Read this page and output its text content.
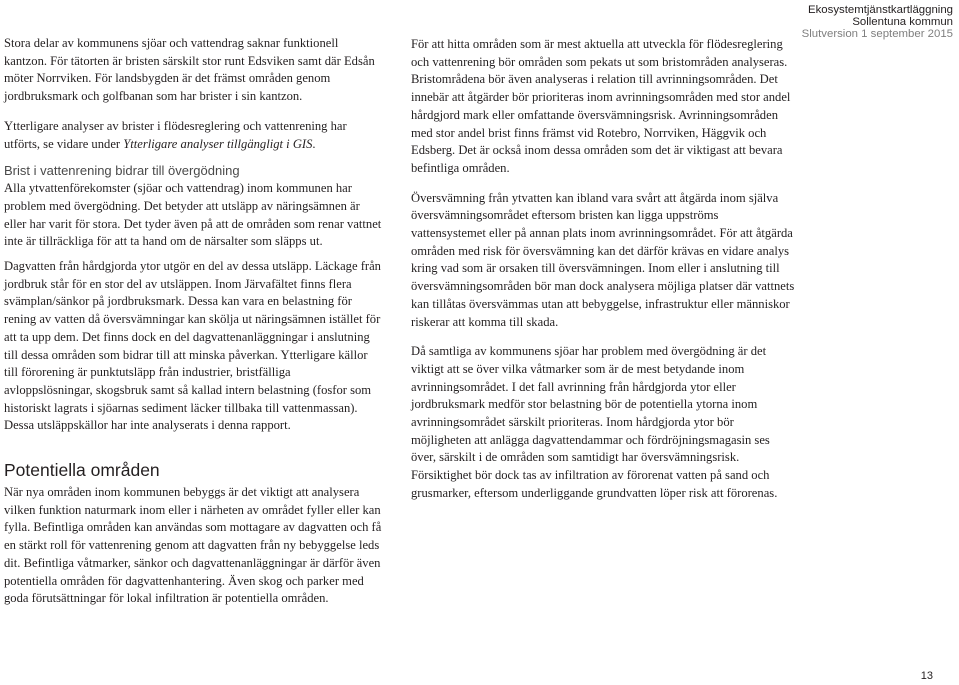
Ekosystemtjänstkartläggning
Sollentuna kommun
Slutversion 1 september 2015

Stora delar av kommunens sjöar och vattendrag saknar funktionell kantzon. För tätorten är bristen särskilt stor runt Edsviken samt där Edsån möter Norrviken. För landsbygden är det främst områden genom jordbruksmark och golfbanan som har brister i sin kantzon.

Ytterligare analyser av brister i flödesreglering och vattenrening har utförts, se vidare under Ytterligare analyser tillgängligt i GIS.

Brist i vattenrening bidrar till övergödning

Alla ytvattenförekomster (sjöar och vattendrag) inom kommunen har problem med övergödning. Det betyder att utsläpp av näringsämnen är eller har varit för stora. Det tyder även på att de områden som renar vattnet inte är tillräckliga för att ta hand om de närsalter som släpps ut.

Dagvatten från hårdgjorda ytor utgör en del av dessa utsläpp. Läckage från jordbruk står för en stor del av utsläppen. Inom Järvafältet finns flera svämplan/sänkor på jordbruksmark. Dessa kan vara en belastning för rening av vatten då översvämningar kan skölja ut näringsämnen istället för att ta upp dem. Det finns dock en del dagvattenanläggningar i anslutning till dessa områden som bidrar till att minska påverkan. Ytterligare källor till förorening är punktutsläpp från industrier, bristfälliga avloppslösningar, skogsbruk samt så kallad intern belastning (fosfor som historiskt lagrats i sjöarnas sediment läcker tillbaka till vattenmassan). Dessa utsläppskällor har inte analyserats i denna rapport.

Potentiella områden

När nya områden inom kommunen bebyggs är det viktigt att analysera vilken funktion naturmark inom eller i närheten av området fyller eller kan fylla. Befintliga områden kan användas som mottagare av dagvatten och få en stärkt roll för vattenrening genom att dagvatten från ny bebyggelse leds dit. Befintliga våtmarker, sänkor och dagvattenanläggningar är därför även potentiella områden för dagvattenhantering. Även skog och parker med goda förutsättningar för lokal infiltration är potentiella områden.

För att hitta områden som är mest aktuella att utveckla för flödesreglering och vattenrening bör områden som pekats ut som bristområden analyseras. Bristområdena bör även analyseras i relation till avrinningsområden. Det innebär att åtgärder bör prioriteras inom avrinningsområden med stor andel hårdgjord mark eller omfattande översvämningsrisk. Avrinningsområden med stor andel brist finns främst vid Rotebro, Norrviken, Häggvik och Edsberg. Det är också inom dessa områden som det är viktigast att bevara befintliga områden.

Översvämning från ytvatten kan ibland vara svårt att åtgärda inom själva översvämningsområdet eftersom bristen kan ligga uppströms vattensystemet eller på annan plats inom avrinningsområdet. För att åtgärda områden med risk för översvämning kan det därför krävas en vidare analys kring vad som är orsaken till översvämningen. Inom eller i anslutning till översvämningsområden bör man dock analysera möjliga platser där vattnets kan tillåtas översvämmas utan att bebyggelse, infrastruktur eller människor riskerar att komma till skada.

Då samtliga av kommunens sjöar har problem med övergödning är det viktigt att se över vilka våtmarker som är de mest betydande inom avrinningsområdet. I det fall avrinning från hårdgjorda ytor eller jordbruksmark medför stor belastning bör de potentiella ytorna inom avrinningsområdet särskilt prioriteras. Inom hårdgjorda ytor bör möjligheten att anlägga dagvattendammar och fördröjningsmagasin ses över, särskilt i de områden som samtidigt har översvämningsrisk. Försiktighet bör dock tas av infiltration av förorenat vatten på sand och grusmarker, eftersom underliggande grundvatten löper risk att förorenas.

13
